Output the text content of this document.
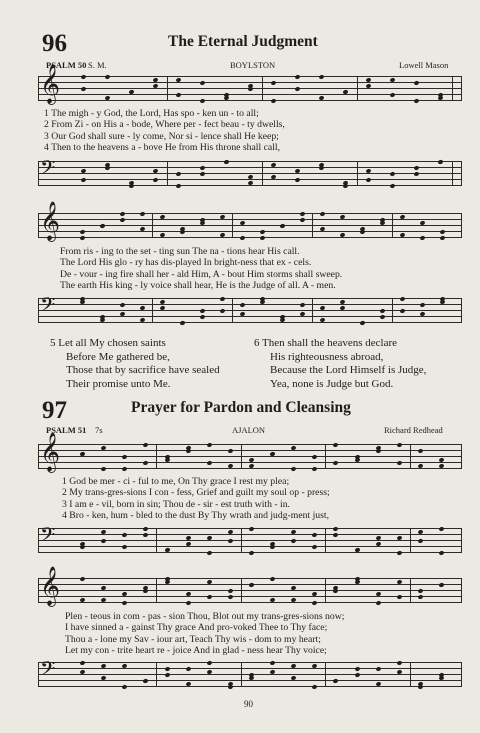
96	The Eternal Judgment
PSALM 50 S. M.	BOYLSTON	Lowell Mason
𝄞
1 The migh - y God, the Lord, Has spo - ken un - to all;
2 From Zi - on His a - bode, Where per - fect beau - ty dwells,
3 Our God shall sure - ly come, Nor si - lence shall He keep;
4 Then to the heavens a - bove He from His throne shall call,
𝄢
𝄞
From ris - ing to the set - ting sun The na - tions hear His call.
The Lord His glo - ry has dis-played In bright-ness that ex - cels.
De - vour - ing fire shall her - ald Him, A - bout Him storms shall sweep.
The earth His king - ly voice shall hear, He is the Judge of all. A - men.
𝄢
5 Let all My chosen saints
Before Me gathered be,
Those that by sacrifice have sealed
Their promise unto Me.
6 Then shall the heavens declare
His righteousness abroad,
Because the Lord Himself is Judge,
Yea, none is Judge but God.
97	Prayer for Pardon and Cleansing
PSALM 51 7s	AJALON	Richard Redhead
𝄞
1 God be mer - ci - ful to me, On Thy grace I rest my plea;
2 My trans-gres-sions I con - fess, Grief and guilt my soul op - press;
3 I am e - vil, born in sin; Thou de - sir - est truth with - in.
4 Bro - ken, hum - bled to the dust By Thy wrath and judg-ment just,
𝄢
𝄞
Plen - teous in com - pas - sion Thou, Blot out my trans-gres-sions now;
I have sinned a - gainst Thy grace And pro-voked Thee to Thy face;
Thou a - lone my Sav - iour art, Teach Thy wis - dom to my heart;
Let my con - trite heart re - joice And in glad - ness hear Thy voice;
𝄢
90
